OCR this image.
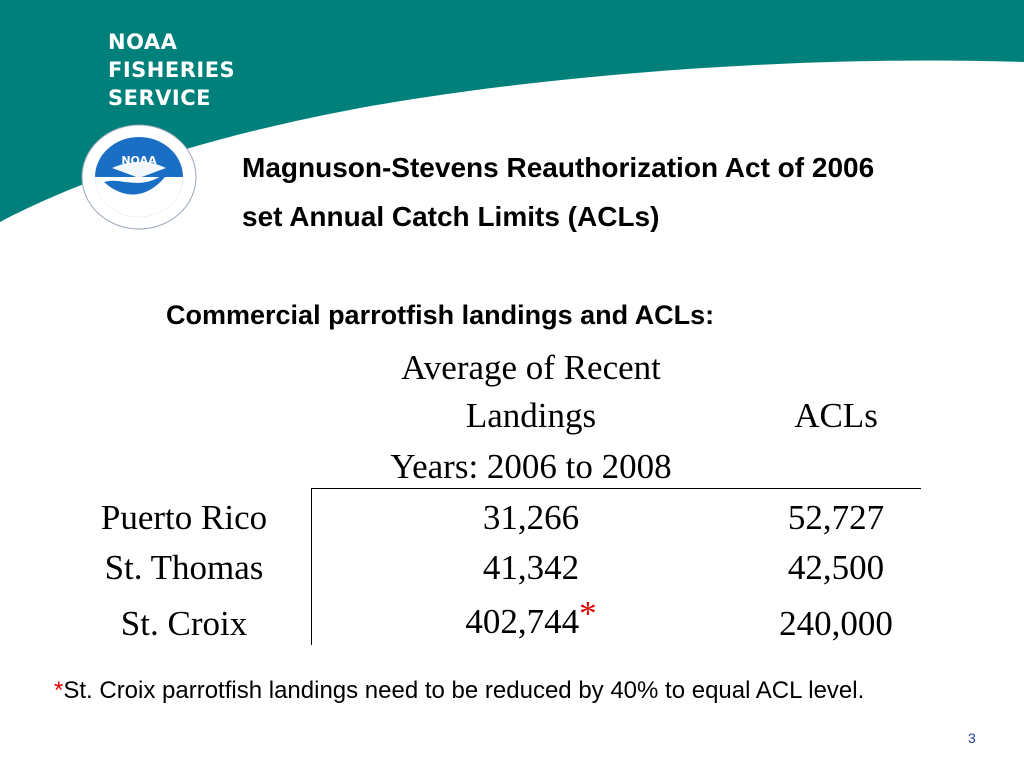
NOAA
FISHERIES
SERVICE
NOAA	Magnuson-Stevens Reauthorization Act of 2006
set Annual Catch Limits (ACLs)
Commercial parrotfish landings and ACLs:
Average of Recent
Landings
Years: 2006 to 2008
ACLs
Puerto Rico	31,266	52,727
St. Thomas	41,342	42,500
St. Croix	402,744*	240,000
*St. Croix parrotfish landings need to be reduced by 40% to equal ACL level.
3
